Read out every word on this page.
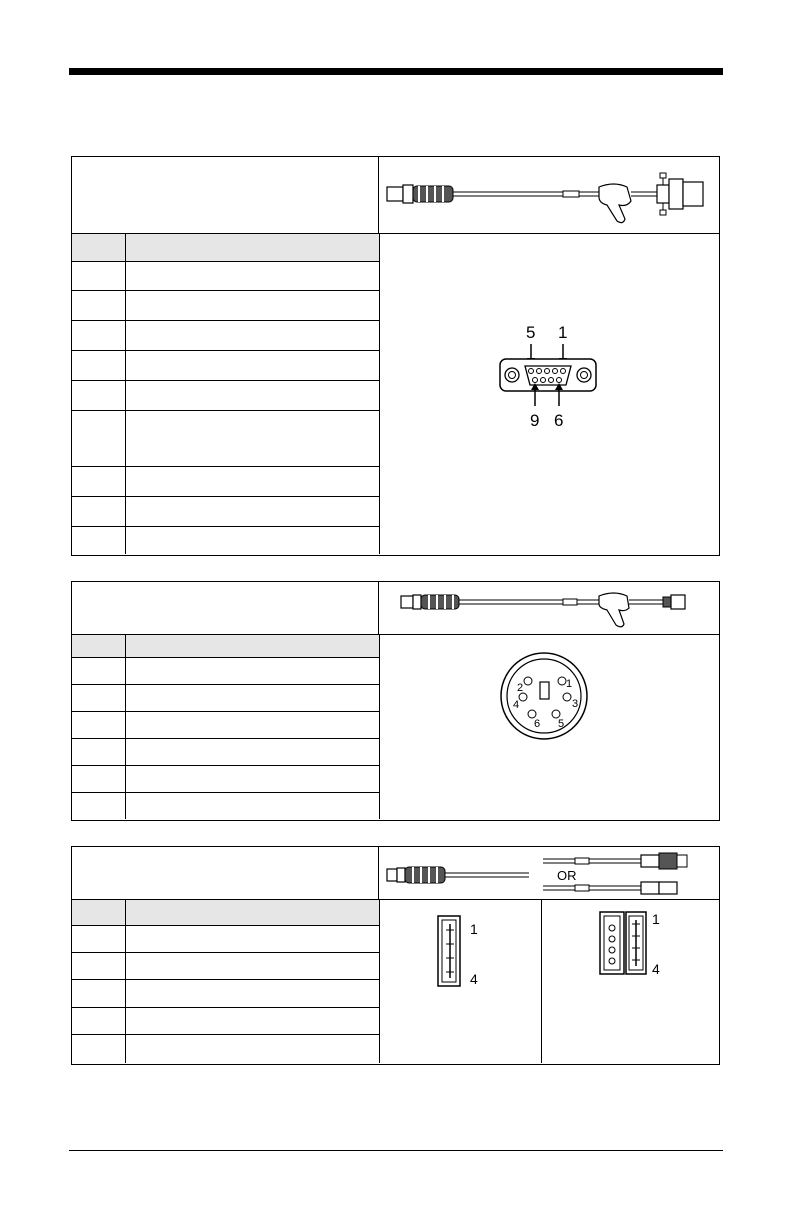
5 1
9 6
1
2
3
4
5
6
OR
1
4
1
4
